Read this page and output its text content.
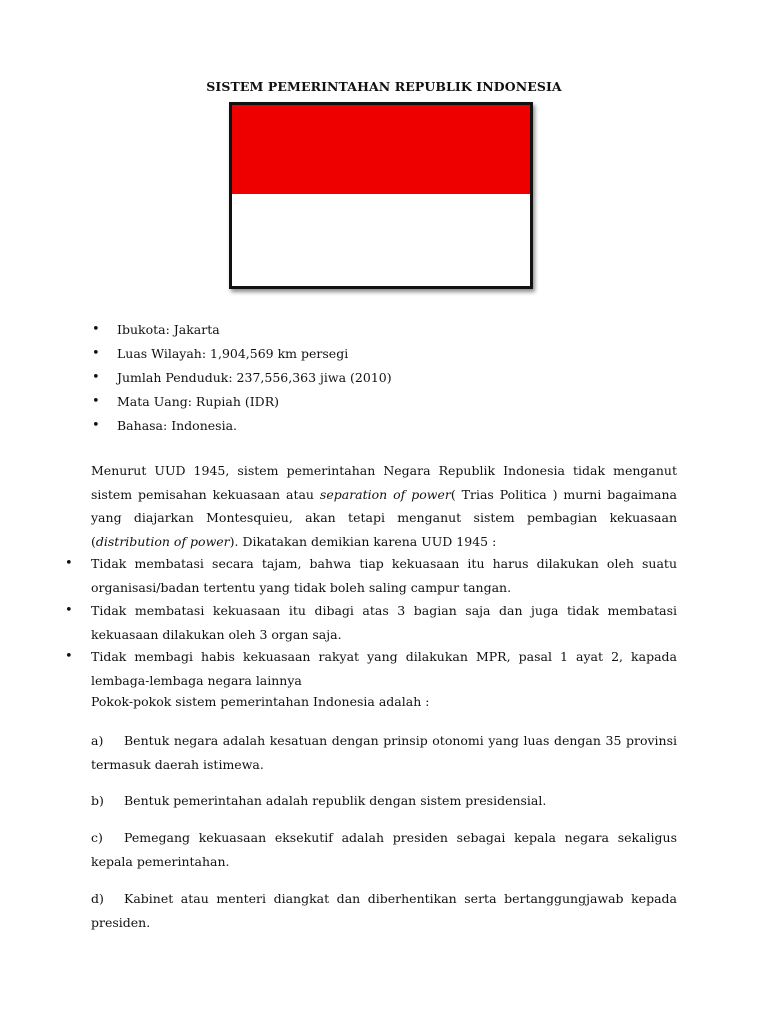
SISTEM PEMERINTAHAN REPUBLIK INDONESIA
• Ibukota: Jakarta
• Luas Wilayah: 1,904,569 km persegi
• Jumlah Penduduk: 237,556,363 jiwa (2010)
• Mata Uang: Rupiah (IDR)
• Bahasa: Indonesia.

Menurut UUD 1945, sistem pemerintahan Negara Republik Indonesia tidak menganut sistem pemisahan kekuasaan atau separation of power( Trias Politica ) murni bagaimana yang diajarkan Montesquieu, akan tetapi menganut sistem pembagian kekuasaan (distribution of power). Dikatakan demikian karena UUD 1945 :

• Tidak membatasi secara tajam, bahwa tiap kekuasaan itu harus dilakukan oleh suatu organisasi/badan tertentu yang tidak boleh saling campur tangan.

• Tidak membatasi kekuasaan itu dibagi atas 3 bagian saja dan juga tidak membatasi kekuasaan dilakukan oleh 3 organ saja.

• Tidak membagi habis kekuasaan rakyat yang dilakukan MPR, pasal 1 ayat 2, kapada lembaga-lembaga negara lainnya

Pokok-pokok sistem pemerintahan Indonesia adalah :

a) Bentuk negara adalah kesatuan dengan prinsip otonomi yang luas dengan 35 provinsi termasuk daerah istimewa.

b) Bentuk pemerintahan adalah republik dengan sistem presidensial.

c) Pemegang kekuasaan eksekutif adalah presiden sebagai kepala negara sekaligus kepala pemerintahan.

d) Kabinet atau menteri diangkat dan diberhentikan serta bertanggungjawab kepada presiden.
